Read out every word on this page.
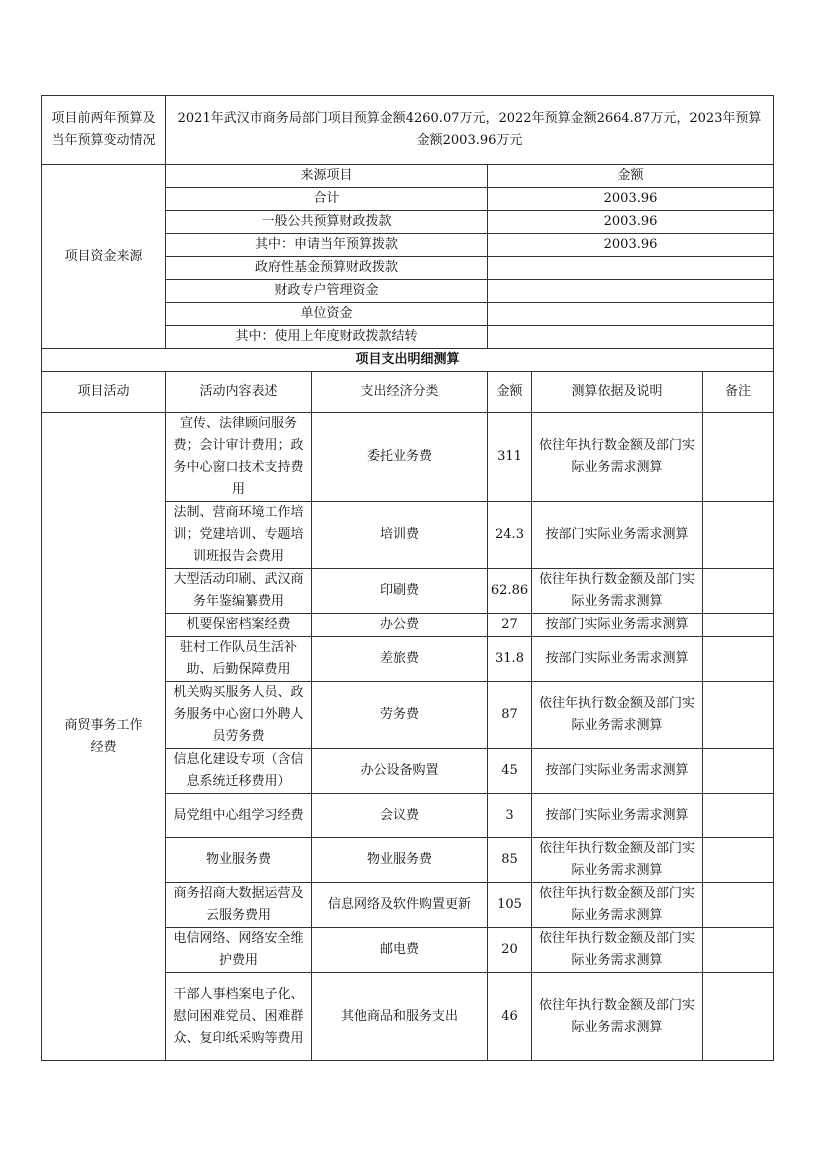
项目前两年预算及当年预算变动情况	2021年武汉市商务局部门项目预算金额4260.07万元，2022年预算金额2664.87万元，2023年预算金额2003.96万元				
项目资金来源	来源项目		金额		
	合计		2003.96		
	一般公共预算财政拨款		2003.96		
	其中：申请当年预算拨款		2003.96		
	政府性基金预算财政拨款				
	财政专户管理资金				
	单位资金				
	其中：使用上年度财政拨款结转				
项目支出明细测算					
项目活动	活动内容表述	支出经济分类	金额	测算依据及说明	备注

商贸事务工作经费	宣传、法律顾问服务费；会计审计费用；政务中心窗口技术支持费用	委托业务费	311	依往年执行数金额及部门实际业务需求测算	
	法制、营商环境工作培训；党建培训、专题培训班报告会费用	培训费	24.3	按部门实际业务需求测算	
	大型活动印刷、武汉商务年鉴编纂费用	印刷费	62.86	依往年执行数金额及部门实际业务需求测算	
	机要保密档案经费	办公费	27	按部门实际业务需求测算	
	驻村工作队员生活补助、后勤保障费用	差旅费	31.8	按部门实际业务需求测算	
	机关购买服务人员、政务服务中心窗口外聘人员劳务费	劳务费	87	依往年执行数金额及部门实际业务需求测算	
	信息化建设专项（含信息系统迁移费用）	办公设备购置	45	按部门实际业务需求测算	
	局党组中心组学习经费	会议费	3	按部门实际业务需求测算	
	物业服务费	物业服务费	85	依往年执行数金额及部门实际业务需求测算	
	商务招商大数据运营及云服务费用	信息网络及软件购置更新	105	依往年执行数金额及部门实际业务需求测算	
	电信网络、网络安全维护费用	邮电费	20	依往年执行数金额及部门实际业务需求测算	
	干部人事档案电子化、慰问困难党员、困难群众、复印纸采购等费用	其他商品和服务支出	46	依往年执行数金额及部门实际业务需求测算	
